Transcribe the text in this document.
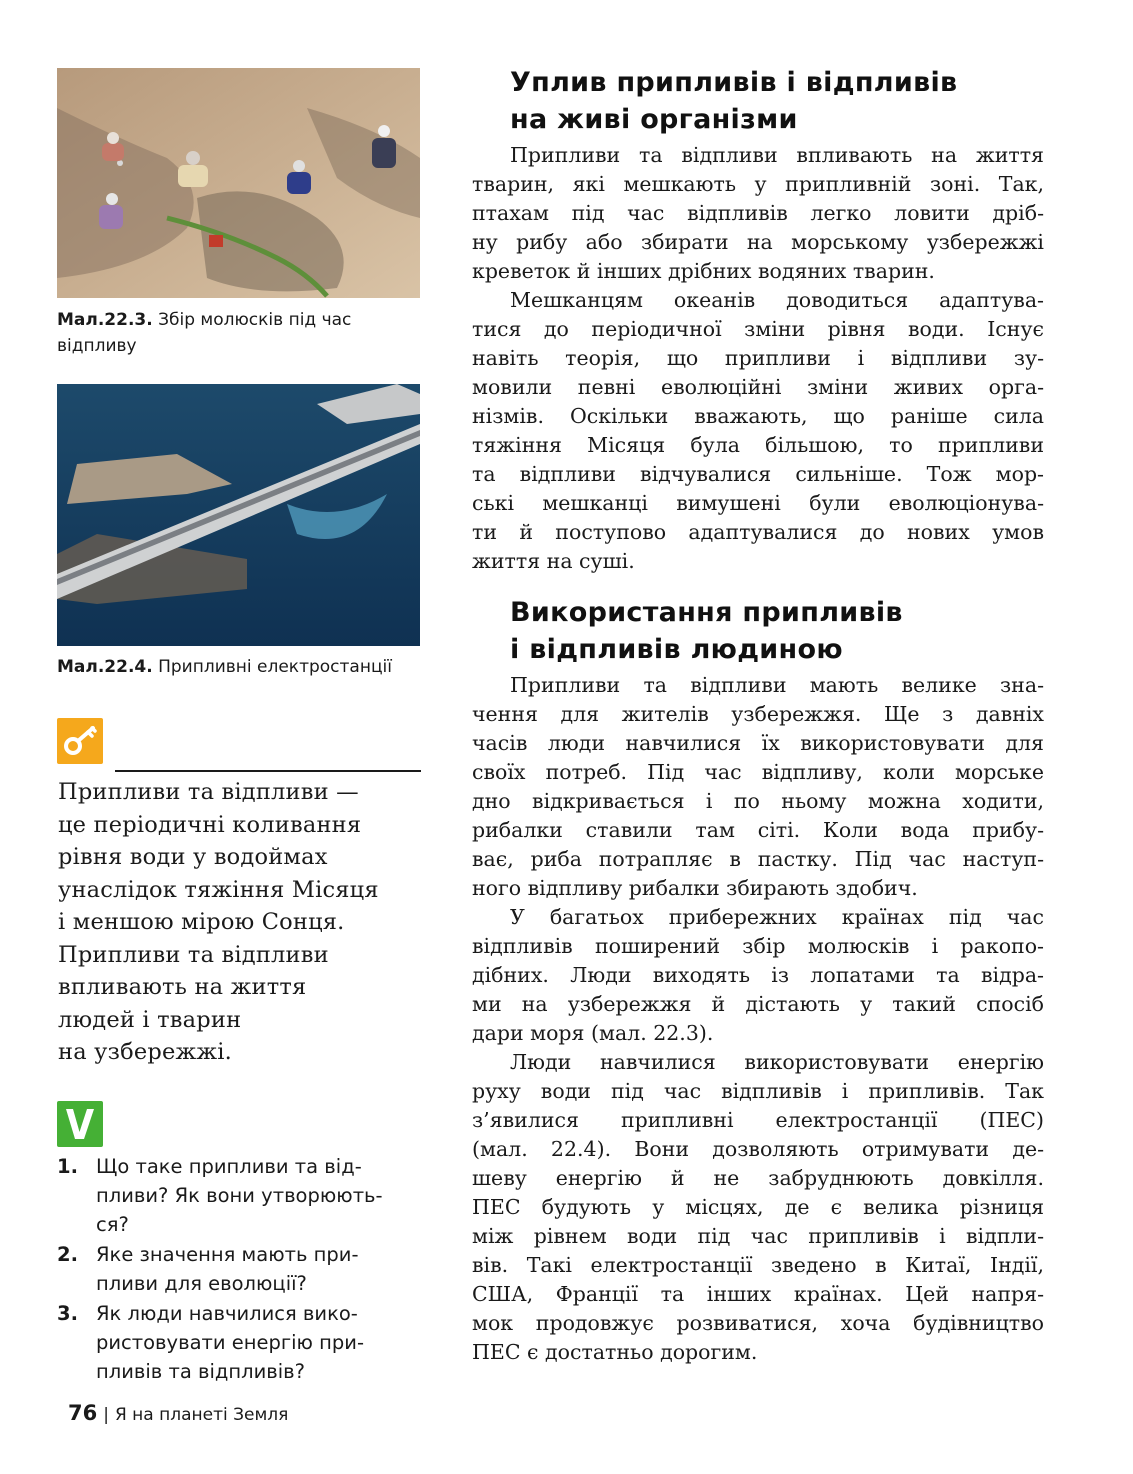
Мал.22.3. Збір молюсків під час
відпливу
Мал.22.4. Припливні електростанції
Припливи та відпливи —
це періодичні коливання
рівня води у водоймах
унаслідок тяжіння Місяця
і меншою мірою Сонця.
Припливи та відпливи
впливають на життя
людей і тварин
на узбережжі.
1. Що таке припливи та від-
пливи? Як вони утворюють-
ся?
2. Яке значення мають при-
пливи для еволюції?
3. Як люди навчилися вико-
ристовувати енергію при-
пливів та відпливів?
76 | Я на планеті Земля
Уплив припливів і відпливів
на живі організми
Припливи та відпливи впливають на життя
тварин, які мешкають у припливній зоні. Так,
птахам під час відпливів легко ловити дріб-
ну рибу або збирати на морському узбережжі
креветок й інших дрібних водяних тварин.
Мешканцям океанів доводиться адаптува-
тися до періодичної зміни рівня води. Існує
навіть теорія, що припливи і відпливи зу-
мовили певні еволюційні зміни живих орга-
нізмів. Оскільки вважають, що раніше сила
тяжіння Місяця була більшою, то припливи
та відпливи відчувалися сильніше. Тож мор-
ські мешканці вимушені були еволюціонува-
ти й поступово адаптувалися до нових умов
життя на суші.
Використання припливів
і відпливів людиною
Припливи та відпливи мають велике зна-
чення для жителів узбережжя. Ще з давніх
часів люди навчилися їх використовувати для
своїх потреб. Під час відпливу, коли морське
дно відкривається і по ньому можна ходити,
рибалки ставили там сіті. Коли вода прибу-
ває, риба потрапляє в пастку. Під час наступ-
ного відпливу рибалки збирають здобич.
У багатьох прибережних країнах під час
відпливів поширений збір молюсків і ракопо-
дібних. Люди виходять із лопатами та відра-
ми на узбережжя й дістають у такий спосіб
дари моря (мал. 22.3).
Люди навчилися використовувати енергію
руху води під час відпливів і припливів. Так
з’явилися припливні електростанції (ПЕС)
(мал. 22.4). Вони дозволяють отримувати де-
шеву енергію й не забруднюють довкілля.
ПЕС будують у місцях, де є велика різниця
між рівнем води під час припливів і відпли-
вів. Такі електростанції зведено в Китаї, Індії,
США, Франції та інших країнах. Цей напря-
мок продовжує розвиватися, хоча будівництво
ПЕС є достатньо дорогим.
